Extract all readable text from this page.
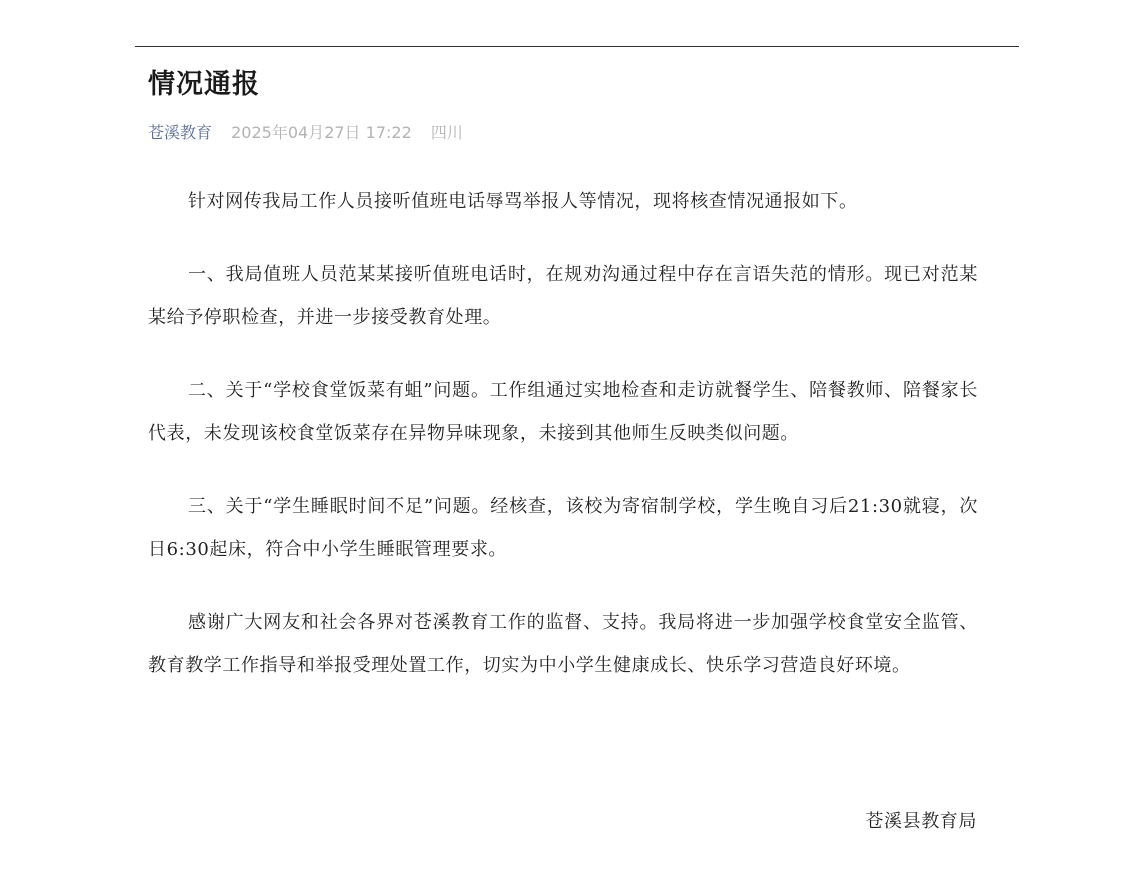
情况通报
苍溪教育 2025年04月27日 17:22 四川

针对网传我局工作人员接听值班电话辱骂举报人等情况，现将核查情况通报如下。

一、我局值班人员范某某接听值班电话时，在规劝沟通过程中存在言语失范的情形。现已对范某某给予停职检查，并进一步接受教育处理。

二、关于“学校食堂饭菜有蛆”问题。工作组通过实地检查和走访就餐学生、陪餐教师、陪餐家长代表，未发现该校食堂饭菜存在异物异味现象，未接到其他师生反映类似问题。

三、关于“学生睡眠时间不足”问题。经核查，该校为寄宿制学校，学生晚自习后21:30就寝，次日6:30起床，符合中小学生睡眠管理要求。

感谢广大网友和社会各界对苍溪教育工作的监督、支持。我局将进一步加强学校食堂安全监管、教育教学工作指导和举报受理处置工作，切实为中小学生健康成长、快乐学习营造良好环境。

苍溪县教育局
